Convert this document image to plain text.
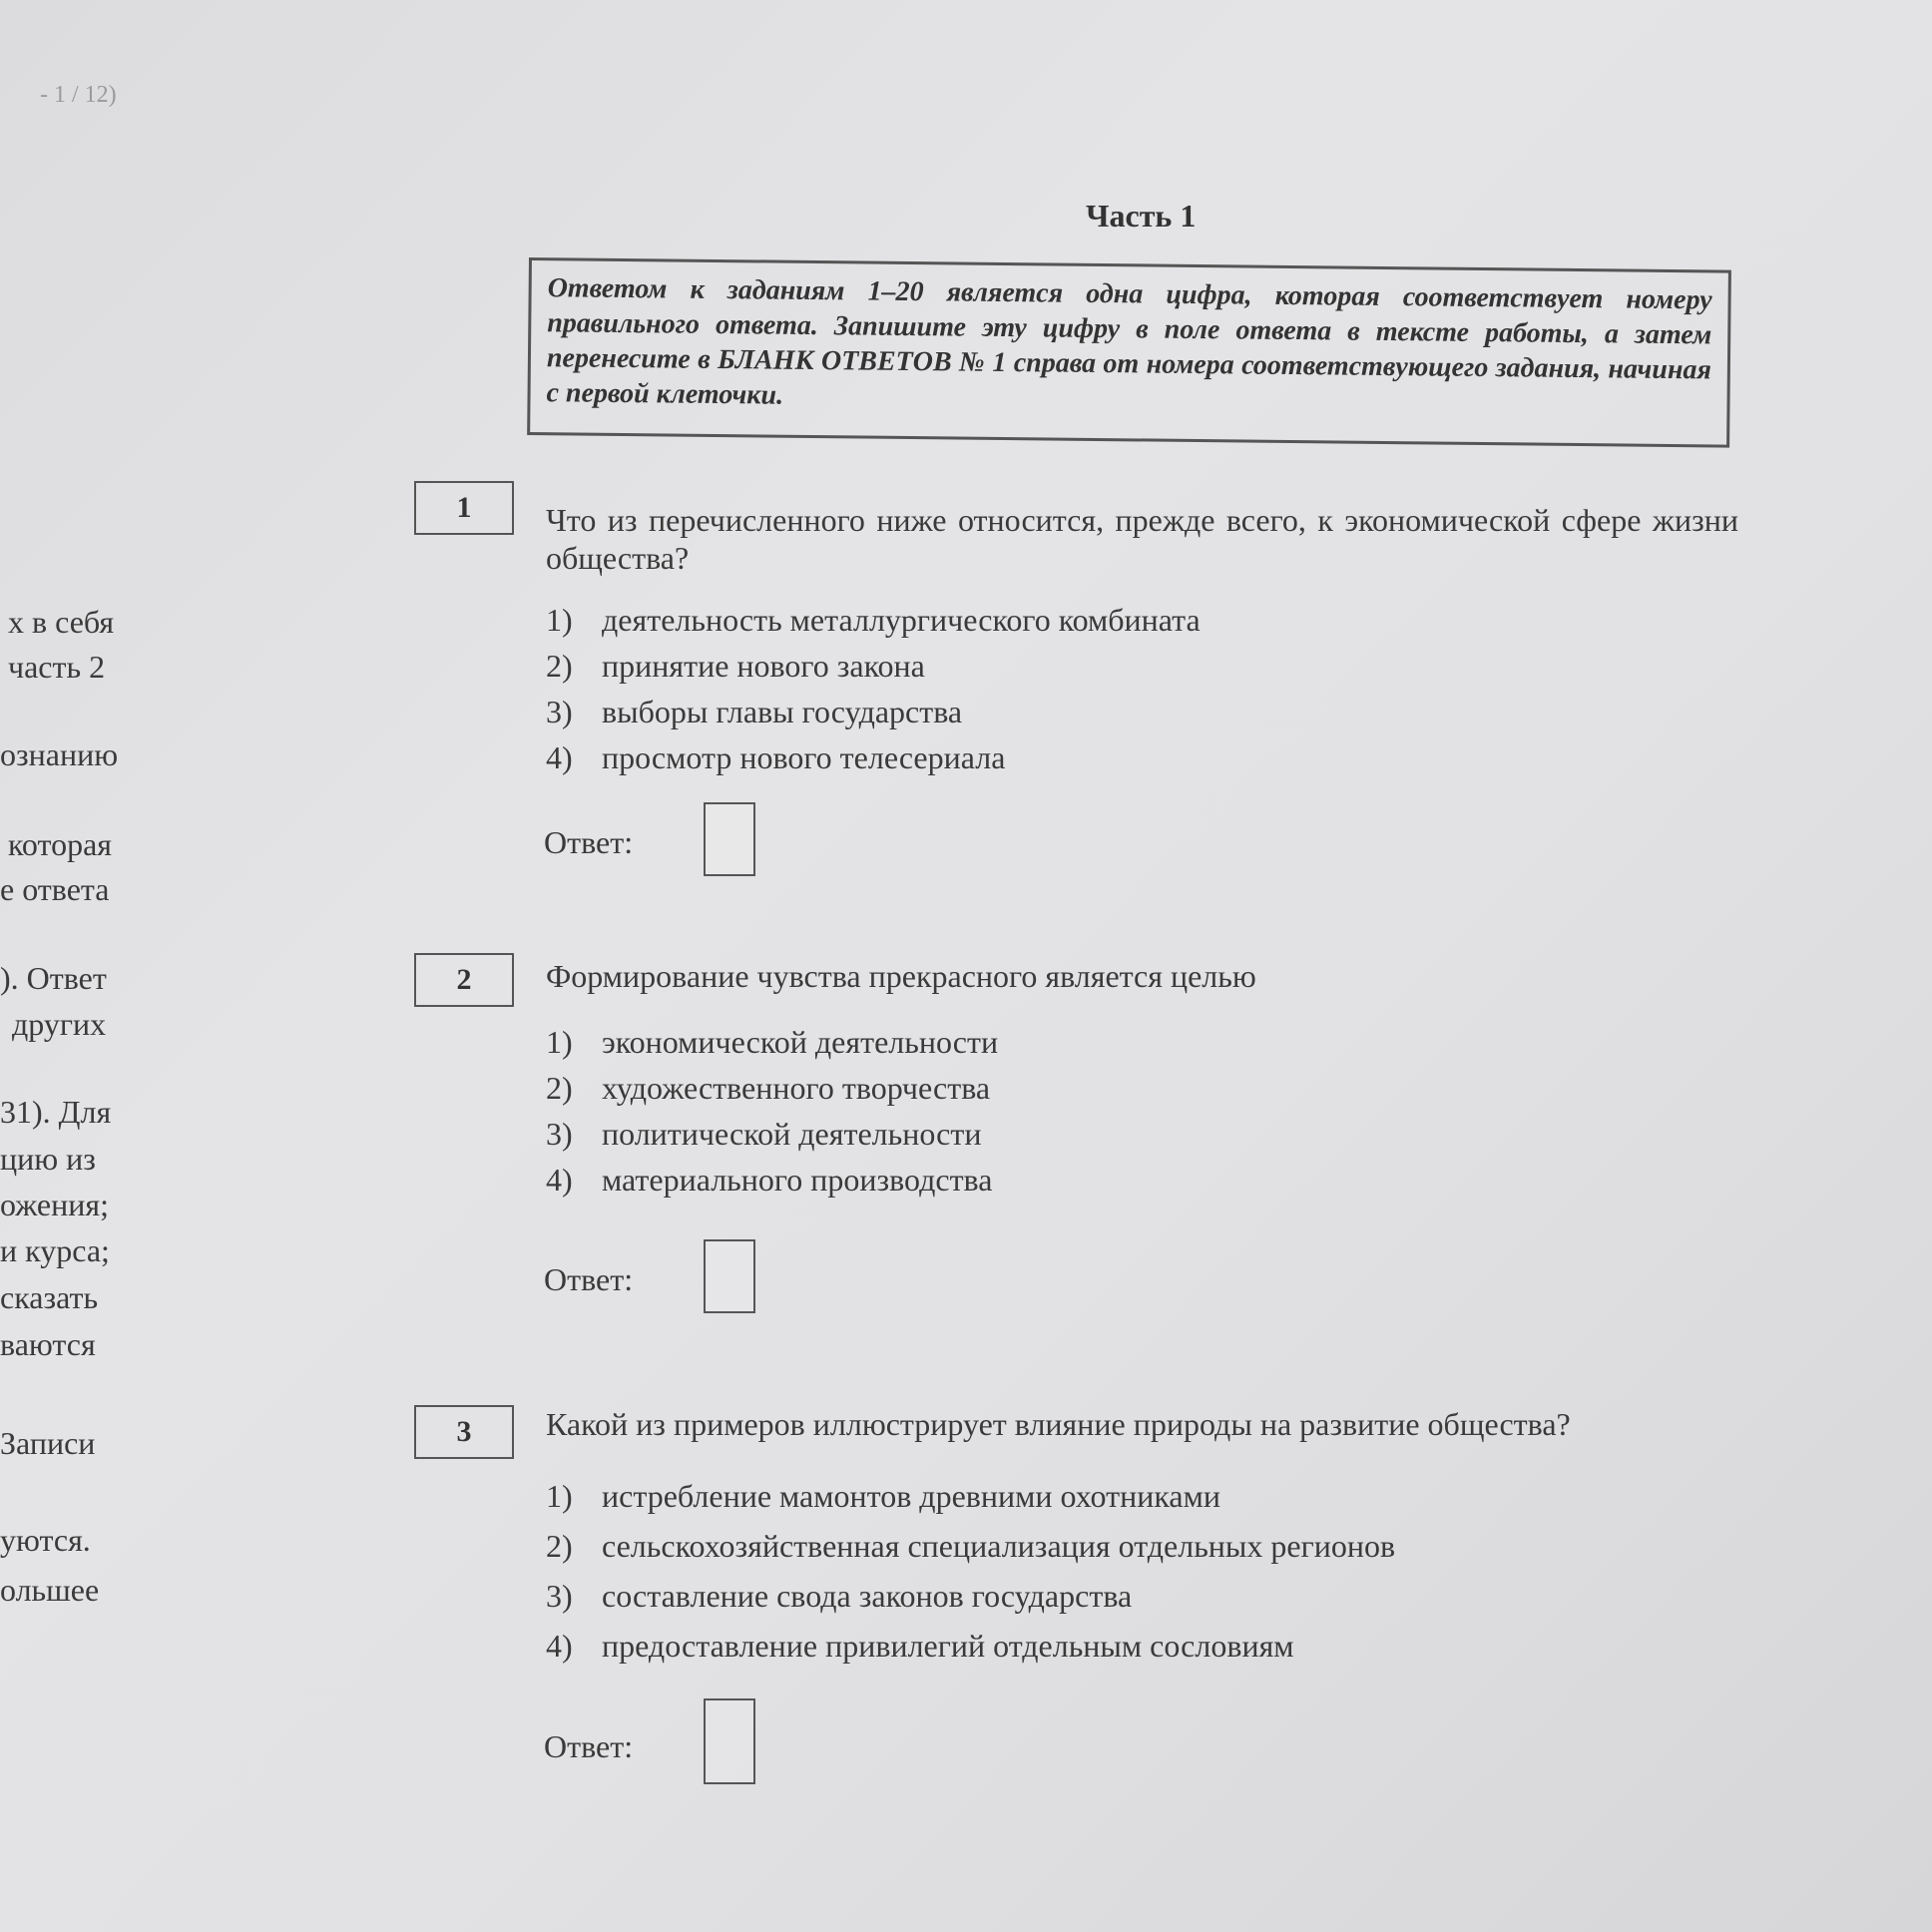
- 1 / 12)
Часть 1
Ответом к заданиям 1–20 является одна цифра, которая соответствует номеру правильного ответа. Запишите эту цифру в поле ответа в тексте работы, а затем перенесите в БЛАНК ОТВЕТОВ № 1 справа от номера соответствующего задания, начиная с первой клеточки.
х в себя
часть 2
ознанию
которая
е ответа
). Ответ
других
31). Для
цию из
ожения;
и курса;
сказать
ваются
Записи
уются.
ольшее
1	Что из перечисленного ниже относится, прежде всего, к экономической сфере жизни общества?
1) деятельность металлургического комбината
2) принятие нового закона
3) выборы главы государства
4) просмотр нового телесериала
Ответ:
2	Формирование чувства прекрасного является целью
1) экономической деятельности
2) художественного творчества
3) политической деятельности
4) материального производства
Ответ:
3	Какой из примеров иллюстрирует влияние природы на развитие общества?
1) истребление мамонтов древними охотниками
2) сельскохозяйственная специализация отдельных регионов
3) составление свода законов государства
4) предоставление привилегий отдельным сословиям
Ответ:
